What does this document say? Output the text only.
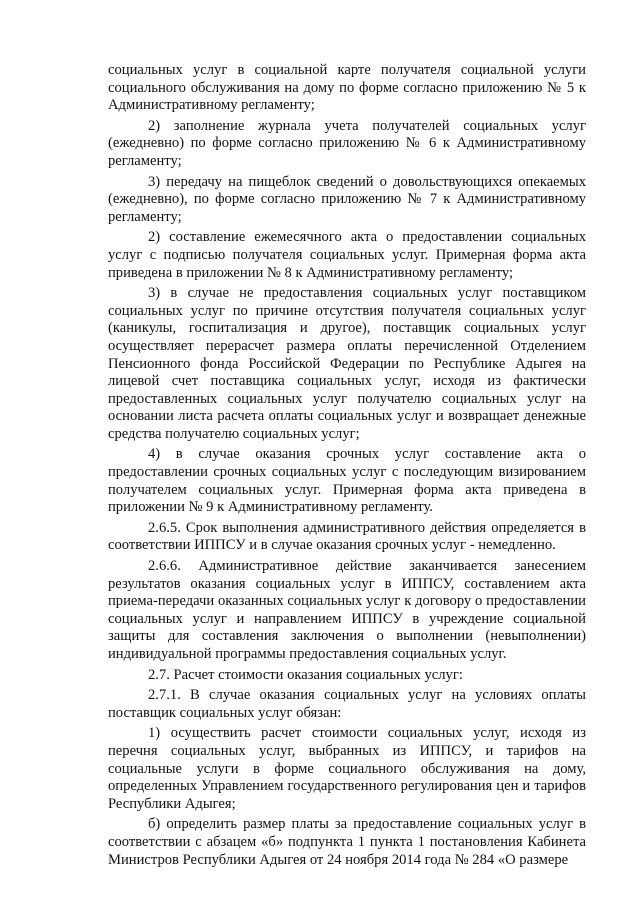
социальных услуг в социальной карте получателя социальной услуги социального обслуживания на дому по форме согласно приложению № 5 к Административному регламенту;

2) заполнение журнала учета получателей социальных услуг (ежедневно) по форме согласно приложению № 6 к Административному регламенту;

3) передачу на пищеблок сведений о довольствующихся опекаемых (ежедневно), по форме согласно приложению № 7 к Административному регламенту;

2) составление ежемесячного акта о предоставлении социальных услуг с подписью получателя социальных услуг. Примерная форма акта приведена в приложении № 8 к Административному регламенту;

3) в случае не предоставления социальных услуг поставщиком социальных услуг по причине отсутствия получателя социальных услуг (каникулы, госпитализация и другое), поставщик социальных услуг осуществляет перерасчет размера оплаты перечисленной Отделением Пенсионного фонда Российской Федерации по Республике Адыгея на лицевой счет поставщика социальных услуг, исходя из фактически предоставленных социальных услуг получателю социальных услуг на основании листа расчета оплаты социальных услуг и возвращает денежные средства получателю социальных услуг;

4) в случае оказания срочных услуг составление акта о предоставлении срочных социальных услуг с последующим визированием получателем социальных услуг. Примерная форма акта приведена в приложении № 9 к Административному регламенту.

2.6.5. Срок выполнения административного действия определяется в соответствии ИППСУ и в случае оказания срочных услуг - немедленно.

2.6.6. Административное действие заканчивается занесением результатов оказания социальных услуг в ИППСУ, составлением акта приема-передачи оказанных социальных услуг к договору о предоставлении социальных услуг и направлением ИППСУ в учреждение социальной защиты для составления заключения о выполнении (невыполнении) индивидуальной программы предоставления социальных услуг.

2.7. Расчет стоимости оказания социальных услуг:

2.7.1. В случае оказания социальных услуг на условиях оплаты поставщик социальных услуг обязан:

1) осуществить расчет стоимости социальных услуг, исходя из перечня социальных услуг, выбранных из ИППСУ, и тарифов на социальные услуги в форме социального обслуживания на дому, определенных Управлением государственного регулирования цен и тарифов Республики Адыгея;

б) определить размер платы за предоставление социальных услуг в соответствии с абзацем «б» подпункта 1 пункта 1 постановления Кабинета Министров Республики Адыгея от 24 ноября 2014 года № 284 «О размере
